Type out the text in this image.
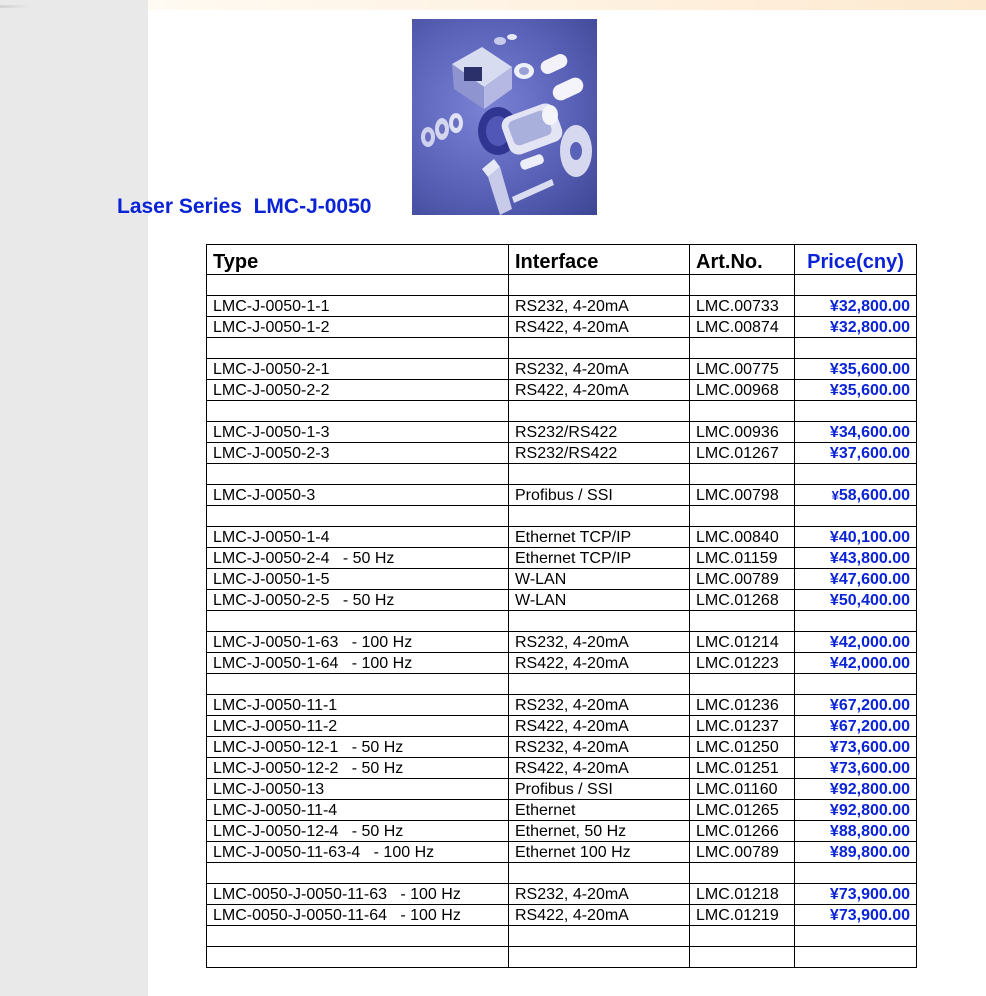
Laser Series  LMC-J-0050
Type	Interface	Art.No.	Price(cny)

LMC-J-0050-1-1	RS232, 4-20mA	LMC.00733	¥32,800.00
LMC-J-0050-1-2	RS422, 4-20mA	LMC.00874	¥32,800.00

LMC-J-0050-2-1	RS232, 4-20mA	LMC.00775	¥35,600.00
LMC-J-0050-2-2	RS422, 4-20mA	LMC.00968	¥35,600.00

LMC-J-0050-1-3	RS232/RS422	LMC.00936	¥34,600.00
LMC-J-0050-2-3	RS232/RS422	LMC.01267	¥37,600.00

LMC-J-0050-3	Profibus / SSI	LMC.00798	¥58,600.00

LMC-J-0050-1-4	Ethernet TCP/IP	LMC.00840	¥40,100.00
LMC-J-0050-2-4   - 50 Hz	Ethernet TCP/IP	LMC.01159	¥43,800.00
LMC-J-0050-1-5	W-LAN	LMC.00789	¥47,600.00
LMC-J-0050-2-5   - 50 Hz	W-LAN	LMC.01268	¥50,400.00

LMC-J-0050-1-63   - 100 Hz	RS232, 4-20mA	LMC.01214	¥42,000.00
LMC-J-0050-1-64   - 100 Hz	RS422, 4-20mA	LMC.01223	¥42,000.00

LMC-J-0050-11-1	RS232, 4-20mA	LMC.01236	¥67,200.00
LMC-J-0050-11-2	RS422, 4-20mA	LMC.01237	¥67,200.00
LMC-J-0050-12-1   - 50 Hz	RS232, 4-20mA	LMC.01250	¥73,600.00
LMC-J-0050-12-2   - 50 Hz	RS422, 4-20mA	LMC.01251	¥73,600.00
LMC-J-0050-13	Profibus / SSI	LMC.01160	¥92,800.00
LMC-J-0050-11-4	Ethernet	LMC.01265	¥92,800.00
LMC-J-0050-12-4   - 50 Hz	Ethernet, 50 Hz	LMC.01266	¥88,800.00
LMC-J-0050-11-63-4   - 100 Hz	Ethernet 100 Hz	LMC.00789	¥89,800.00

LMC-0050-J-0050-11-63   - 100 Hz	RS232, 4-20mA	LMC.01218	¥73,900.00
LMC-0050-J-0050-11-64   - 100 Hz	RS422, 4-20mA	LMC.01219	¥73,900.00
